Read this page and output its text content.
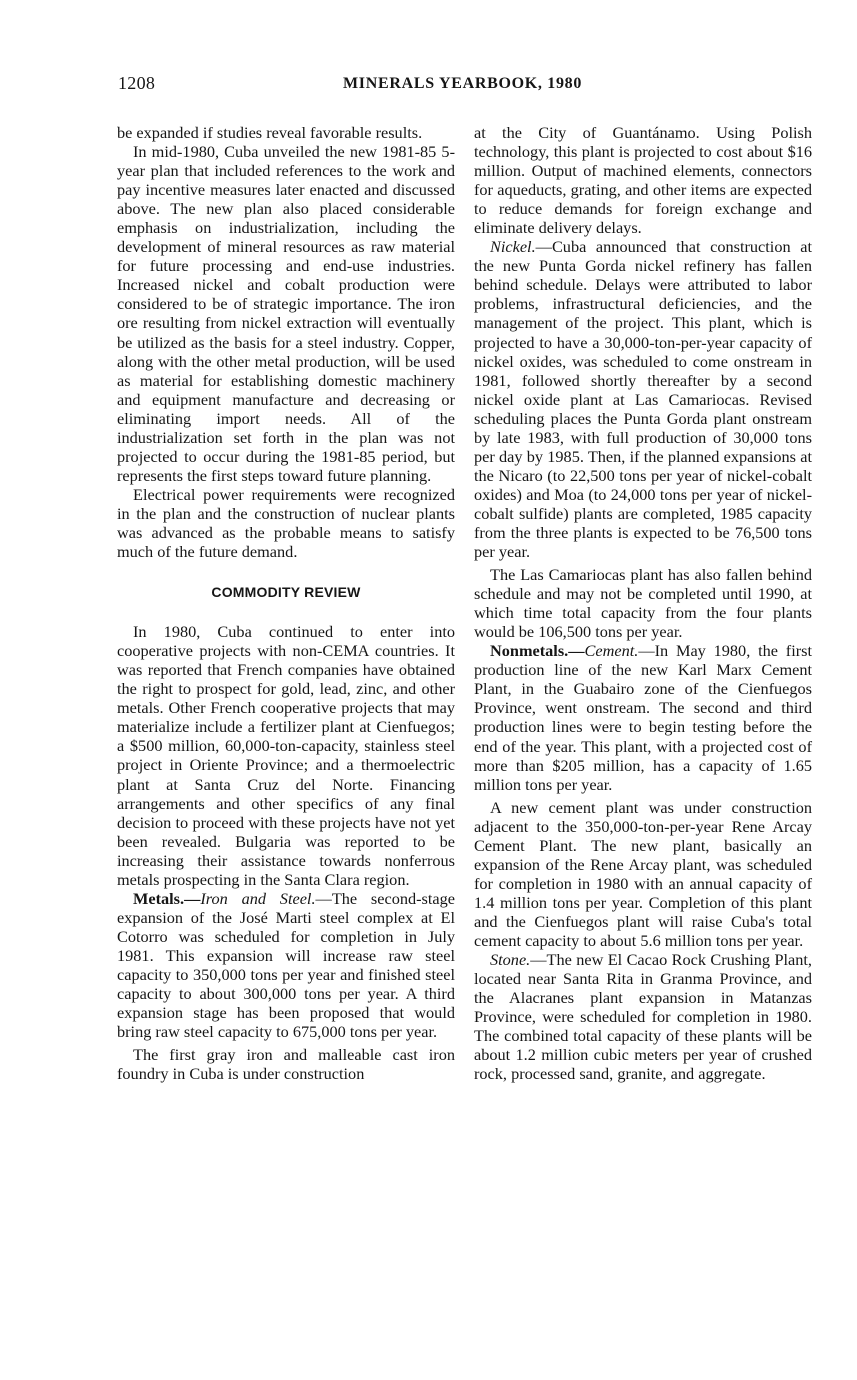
1208	MINERALS YEARBOOK, 1980

be expanded if studies reveal favorable results.

In mid-1980, Cuba unveiled the new 1981-85 5-year plan that included references to the work and pay incentive measures later enacted and discussed above. The new plan also placed considerable emphasis on industrialization, including the development of mineral resources as raw material for future processing and end-use industries. Increased nickel and cobalt production were considered to be of strategic importance. The iron ore resulting from nickel extraction will eventually be utilized as the basis for a steel industry. Copper, along with the other metal production, will be used as material for establishing domestic machinery and equipment manufacture and decreasing or eliminating import needs. All of the industrialization set forth in the plan was not projected to occur during the 1981-85 period, but represents the first steps toward future planning.

Electrical power requirements were recognized in the plan and the construction of nuclear plants was advanced as the probable means to satisfy much of the future demand.

COMMODITY REVIEW

In 1980, Cuba continued to enter into cooperative projects with non-CEMA countries. It was reported that French companies have obtained the right to prospect for gold, lead, zinc, and other metals. Other French cooperative projects that may materialize include a fertilizer plant at Cienfuegos; a $500 million, 60,000-ton-capacity, stainless steel project in Oriente Province; and a thermoelectric plant at Santa Cruz del Norte. Financing arrangements and other specifics of any final decision to proceed with these projects have not yet been revealed. Bulgaria was reported to be increasing their assistance towards nonferrous metals prospecting in the Santa Clara region.

Metals.—Iron and Steel.—The second-stage expansion of the José Marti steel complex at El Cotorro was scheduled for completion in July 1981. This expansion will increase raw steel capacity to 350,000 tons per year and finished steel capacity to about 300,000 tons per year. A third expansion stage has been proposed that would bring raw steel capacity to 675,000 tons per year.

The first gray iron and malleable cast iron foundry in Cuba is under construction

at the City of Guantánamo. Using Polish technology, this plant is projected to cost about $16 million. Output of machined elements, connectors for aqueducts, grating, and other items are expected to reduce demands for foreign exchange and eliminate delivery delays.

Nickel.—Cuba announced that construction at the new Punta Gorda nickel refinery has fallen behind schedule. Delays were attributed to labor problems, infrastructural deficiencies, and the management of the project. This plant, which is projected to have a 30,000-ton-per-year capacity of nickel oxides, was scheduled to come onstream in 1981, followed shortly thereafter by a second nickel oxide plant at Las Camariocas. Revised scheduling places the Punta Gorda plant onstream by late 1983, with full production of 30,000 tons per day by 1985. Then, if the planned expansions at the Nicaro (to 22,500 tons per year of nickel-cobalt oxides) and Moa (to 24,000 tons per year of nickel-cobalt sulfide) plants are completed, 1985 capacity from the three plants is expected to be 76,500 tons per year.

The Las Camariocas plant has also fallen behind schedule and may not be completed until 1990, at which time total capacity from the four plants would be 106,500 tons per year.

Nonmetals.—Cement.—In May 1980, the first production line of the new Karl Marx Cement Plant, in the Guabairo zone of the Cienfuegos Province, went onstream. The second and third production lines were to begin testing before the end of the year. This plant, with a projected cost of more than $205 million, has a capacity of 1.65 million tons per year.

A new cement plant was under construction adjacent to the 350,000-ton-per-year Rene Arcay Cement Plant. The new plant, basically an expansion of the Rene Arcay plant, was scheduled for completion in 1980 with an annual capacity of 1.4 million tons per year. Completion of this plant and the Cienfuegos plant will raise Cuba's total cement capacity to about 5.6 million tons per year.

Stone.—The new El Cacao Rock Crushing Plant, located near Santa Rita in Granma Province, and the Alacranes plant expansion in Matanzas Province, were scheduled for completion in 1980. The combined total capacity of these plants will be about 1.2 million cubic meters per year of crushed rock, processed sand, granite, and aggregate.
